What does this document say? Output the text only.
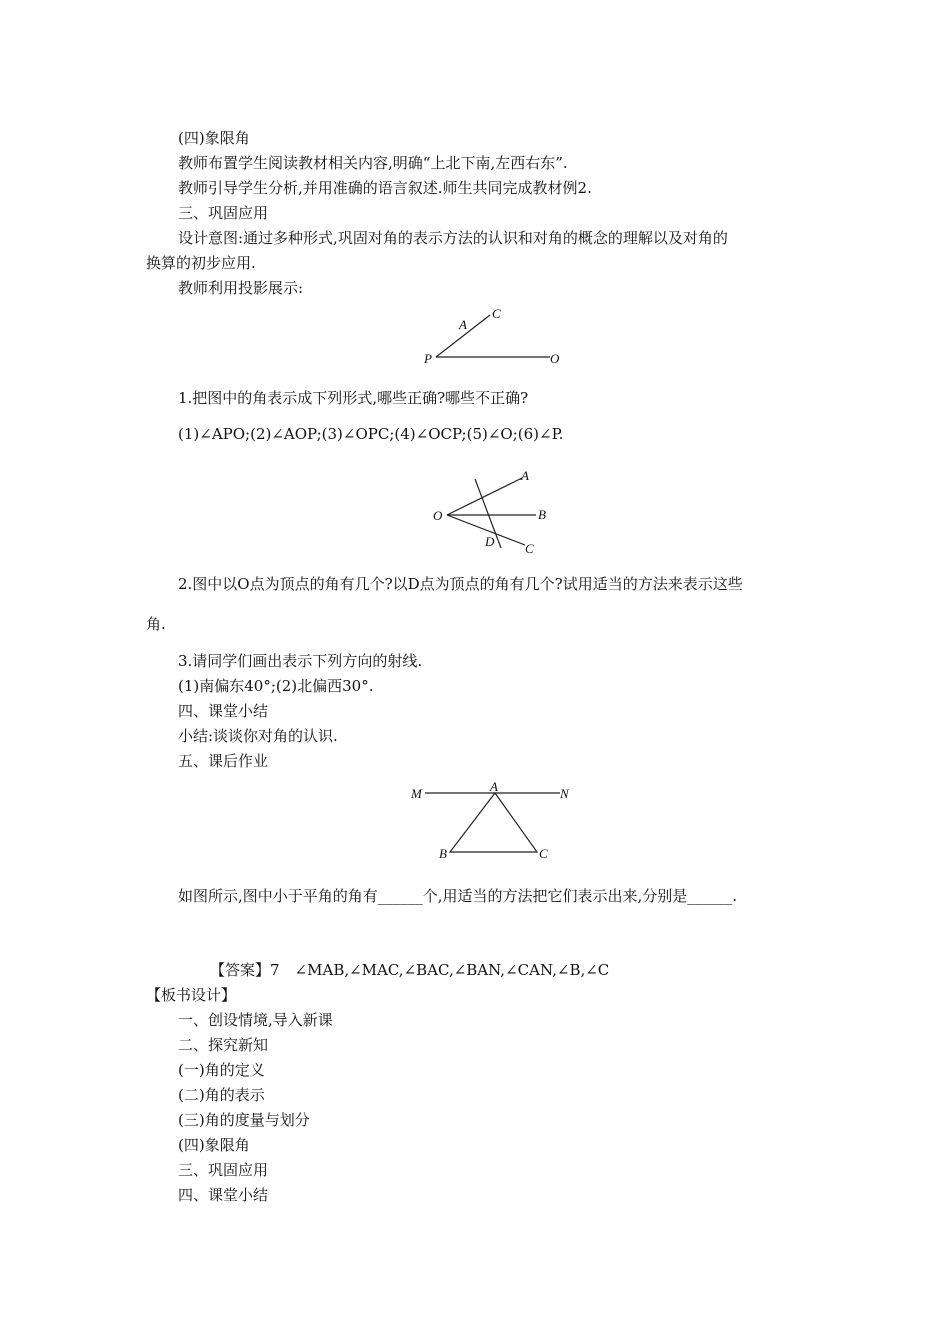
(四)象限角
教师布置学生阅读教材相关内容,明确“上北下南,左西右东”.
教师引导学生分析,并用准确的语言叙述.师生共同完成教材例2.
三、巩固应用
设计意图:通过多种形式,巩固对角的表示方法的认识和对角的概念的理解以及对角的
换算的初步应用.
教师利用投影展示:
A
C
P	O
1.把图中的角表示成下列形式,哪些正确?哪些不正确?
(1)∠APO;(2)∠AOP;(3)∠OPC;(4)∠OCP;(5)∠O;(6)∠P.
A
O	B
D C
2.图中以O点为顶点的角有几个?以D点为顶点的角有几个?试用适当的方法来表示这些
角.
3.请同学们画出表示下列方向的射线.
(1)南偏东40°;(2)北偏西30°.
四、课堂小结
小结:谈谈你对角的认识.
五、课后作业
M	A	N
B	C
如图所示,图中小于平角的角有______个,用适当的方法把它们表示出来,分别是______.
【答案】7　∠MAB,∠MAC,∠BAC,∠BAN,∠CAN,∠B,∠C
【板书设计】
一、创设情境,导入新课
二、探究新知
(一)角的定义
(二)角的表示
(三)角的度量与划分
(四)象限角
三、巩固应用
四、课堂小结
